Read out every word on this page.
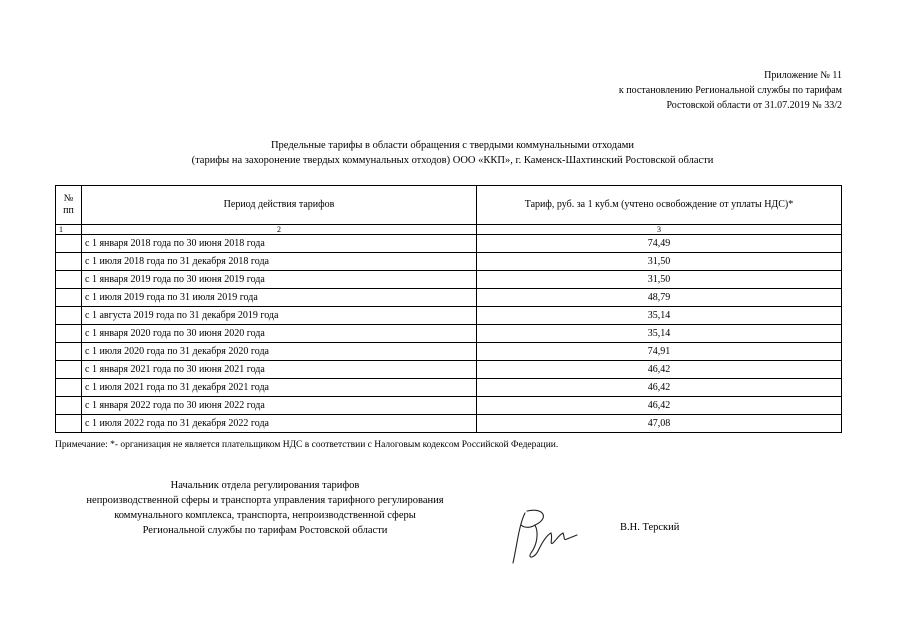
Приложение № 11
к постановлению Региональной службы по тарифам
Ростовской области от 31.07.2019 № 33/2
Предельные тарифы в области обращения с твердыми коммунальными отходами
(тарифы на захоронение твердых коммунальных отходов) ООО «ККП», г. Каменск-Шахтинский Ростовской области
№
пп	Период действия тарифов	Тариф, руб. за 1 куб.м (учтено освобождение от уплаты НДС)*
1	2	3
	с 1 января 2018 года по 30 июня 2018 года	74,49
	с 1 июля 2018 года по 31 декабря 2018 года	31,50
	с 1 января 2019 года по 30 июня 2019 года	31,50
	с 1 июля 2019 года по 31 июля 2019 года	48,79
	с 1 августа 2019 года по 31 декабря 2019 года	35,14
	с 1 января 2020 года по 30 июня 2020 года	35,14
	с 1 июля 2020 года по 31 декабря 2020 года	74,91
	с 1 января 2021 года по 30 июня 2021 года	46,42
	с 1 июля 2021 года по 31 декабря 2021 года	46,42
	с 1 января 2022 года по 30 июня 2022 года	46,42
	с 1 июля 2022 года по 31 декабря 2022 года	47,08
Примечание: *- организация не является плательщиком НДС в соответствии с Налоговым кодексом Российской Федерации.
Начальник отдела регулирования тарифов
непроизводственной сферы и транспорта управления тарифного регулирования
коммунального комплекса, транспорта, непроизводственной сферы
Региональной службы по тарифам Ростовской области	В.Н. Терский
